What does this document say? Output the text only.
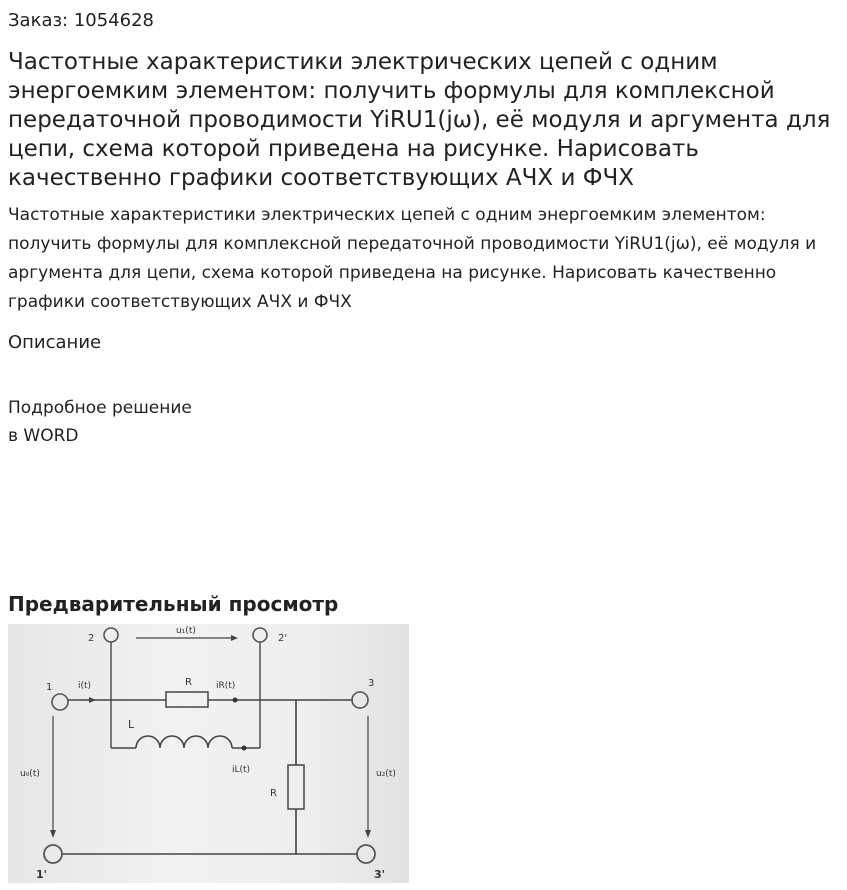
Заказ: 1054628
Частотные характеристики электрических цепей с одним энергоемким элементом: получить формулы для комплексной передаточной проводимости YiRU1(jω), её модуля и аргумента для цепи, схема которой приведена на рисунке. Нарисовать качественно графики соответствующих АЧХ и ФЧХ
Частотные характеристики электрических цепей с одним энергоемким элементом: получить формулы для комплексной передаточной проводимости YiRU1(jω), её модуля и аргумента для цепи, схема которой приведена на рисунке. Нарисовать качественно графики соответствующих АЧХ и ФЧХ
Описание
Подробное решение
в WORD
Предварительный просмотр
2	2'
u₁(t)
1	i(t)	R	iR(t)	3
L
iL(t)
R
u₀(t)	u₂(t)
1'	3'
